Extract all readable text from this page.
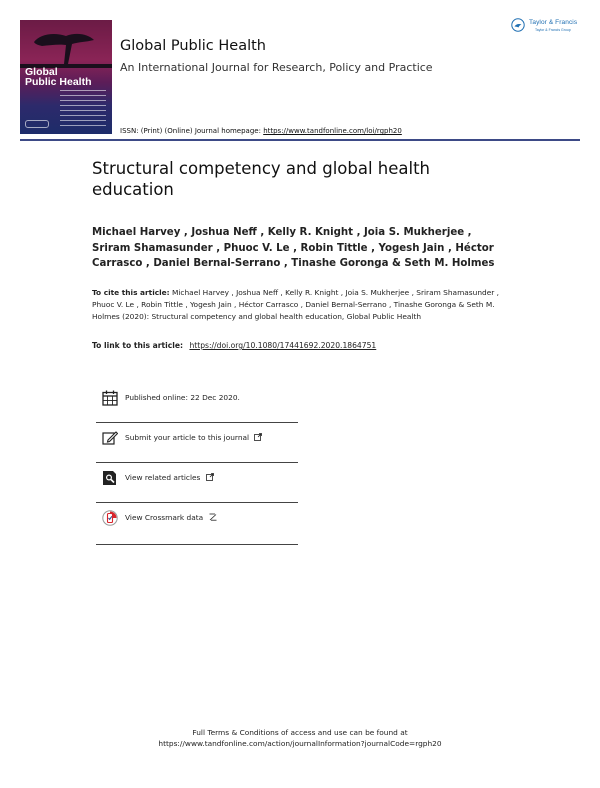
Global
Public Health
Global Public Health
An International Journal for Research, Policy and Practice
ISSN: (Print) (Online) Journal homepage: https://www.tandfonline.com/loi/rgph20
Taylor & Francis
Taylor & Francis Group
Structural competency and global health education
Michael Harvey , Joshua Neff , Kelly R. Knight , Joia S. Mukherjee , Sriram Shamasunder , Phuoc V. Le , Robin Tittle , Yogesh Jain , Héctor Carrasco , Daniel Bernal-Serrano , Tinashe Goronga & Seth M. Holmes
To cite this article: Michael Harvey , Joshua Neff , Kelly R. Knight , Joia S. Mukherjee , Sriram Shamasunder , Phuoc V. Le , Robin Tittle , Yogesh Jain , Héctor Carrasco , Daniel Bernal-Serrano , Tinashe Goronga & Seth M. Holmes (2020): Structural competency and global health education, Global Public Health
To link to this article: https://doi.org/10.1080/17441692.2020.1864751
Published online: 22 Dec 2020.
Submit your article to this journal
View related articles
View Crossmark data
Full Terms & Conditions of access and use can be found at
https://www.tandfonline.com/action/journalInformation?journalCode=rgph20
